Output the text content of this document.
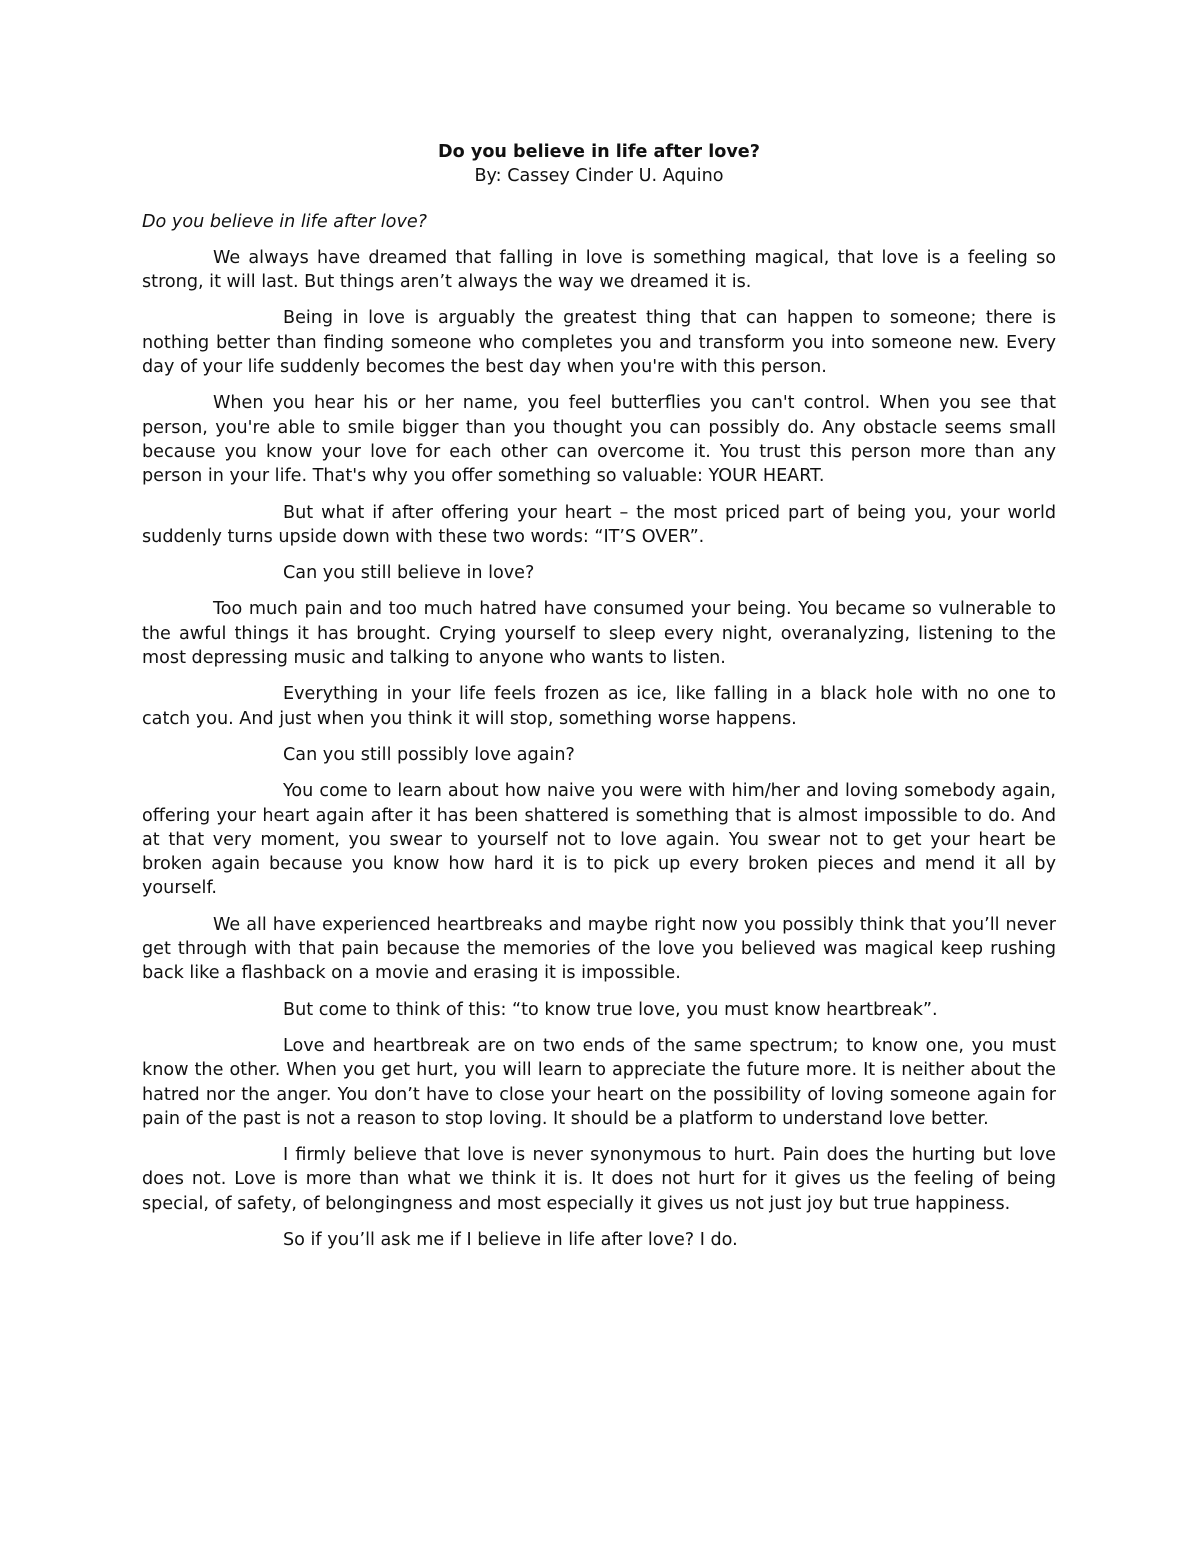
Do you believe in life after love?

By: Cassey Cinder U. Aquino

Do you believe in life after love?

We always have dreamed that falling in love is something magical, that love is a feeling so strong, it will last. But things aren’t always the way we dreamed it is.

Being in love is arguably the greatest thing that can happen to someone; there is nothing better than finding someone who completes you and transform you into someone new. Every day of your life suddenly becomes the best day when you're with this person.

When you hear his or her name, you feel butterflies you can't control. When you see that person, you're able to smile bigger than you thought you can possibly do. Any obstacle seems small because you know your love for each other can overcome it. You trust this person more than any person in your life. That's why you offer something so valuable: YOUR HEART.

But what if after offering your heart – the most priced part of being you, your world suddenly turns upside down with these two words: “IT’S OVER”.

Can you still believe in love?

Too much pain and too much hatred have consumed your being. You became so vulnerable to the awful things it has brought. Crying yourself to sleep every night, overanalyzing, listening to the most depressing music and talking to anyone who wants to listen.

Everything in your life feels frozen as ice, like falling in a black hole with no one to catch you. And just when you think it will stop, something worse happens.

Can you still possibly love again?

You come to learn about how naive you were with him/her and loving somebody again, offering your heart again after it has been shattered is something that is almost impossible to do. And at that very moment, you swear to yourself not to love again. You swear not to get your heart be broken again because you know how hard it is to pick up every broken pieces and mend it all by yourself.

We all have experienced heartbreaks and maybe right now you possibly think that you’ll never get through with that pain because the memories of the love you believed was magical keep rushing back like a flashback on a movie and erasing it is impossible.

But come to think of this: “to know true love, you must know heartbreak”.

Love and heartbreak are on two ends of the same spectrum; to know one, you must know the other. When you get hurt, you will learn to appreciate the future more. It is neither about the hatred nor the anger. You don’t have to close your heart on the possibility of loving someone again for pain of the past is not a reason to stop loving. It should be a platform to understand love better.

I firmly believe that love is never synonymous to hurt. Pain does the hurting but love does not. Love is more than what we think it is. It does not hurt for it gives us the feeling of being special, of safety, of belongingness and most especially it gives us not just joy but true happiness.

So if you’ll ask me if I believe in life after love? I do.
